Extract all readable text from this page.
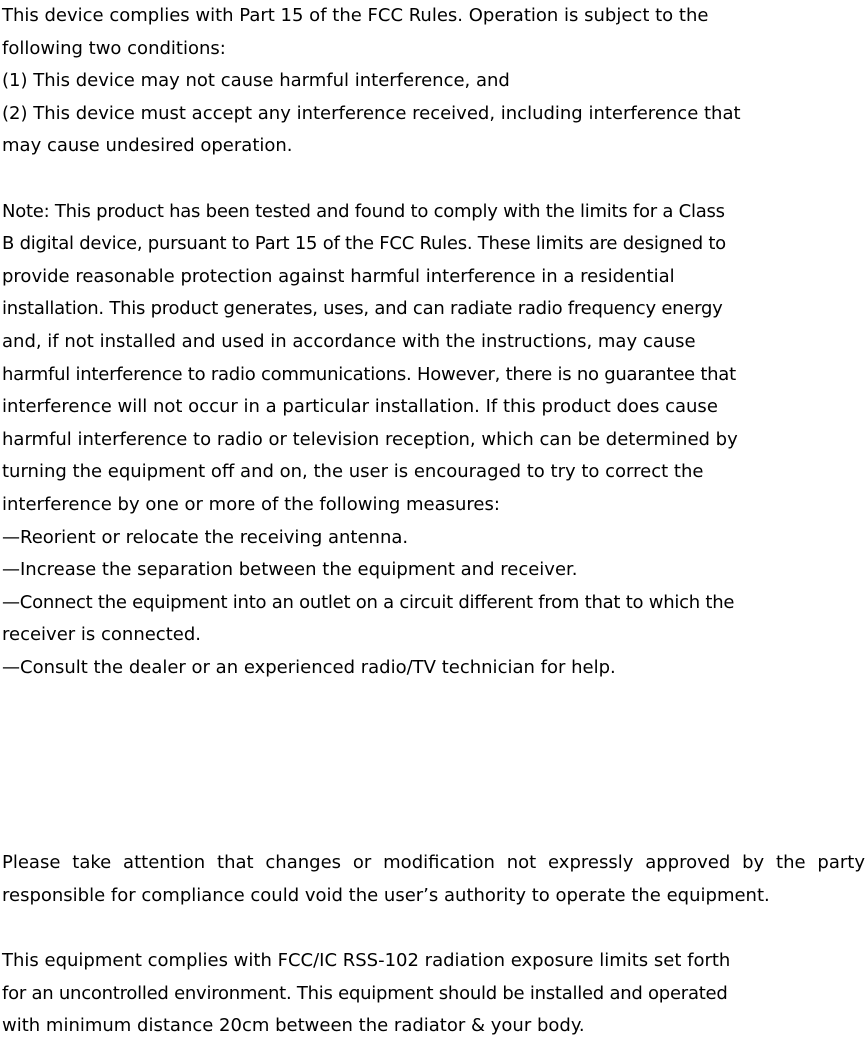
This device complies with Part 15 of the FCC Rules. Operation is subject to the
following two conditions:
(1) This device may not cause harmful interference, and
(2) This device must accept any interference received, including interference that
may cause undesired operation.
Note: This product has been tested and found to comply with the limits for a Class
B digital device, pursuant to Part 15 of the FCC Rules. These limits are designed to
provide reasonable protection against harmful interference in a residential
installation. This product generates, uses, and can radiate radio frequency energy
and, if not installed and used in accordance with the instructions, may cause
harmful interference to radio communications. However, there is no guarantee that
interference will not occur in a particular installation. If this product does cause
harmful interference to radio or television reception, which can be determined by
turning the equipment off and on, the user is encouraged to try to correct the
interference by one or more of the following measures:
—Reorient or relocate the receiving antenna.
—Increase the separation between the equipment and receiver.
—Connect the equipment into an outlet on a circuit different from that to which the
receiver is connected.
—Consult the dealer or an experienced radio/TV technician for help.

Please take attention that changes or modification not expressly approved by the party responsible for compliance could void the user’s authority to operate the equipment.

This equipment complies with FCC/IC RSS-102 radiation exposure limits set forth
for an uncontrolled environment. This equipment should be installed and operated
with minimum distance 20cm between the radiator & your body.
